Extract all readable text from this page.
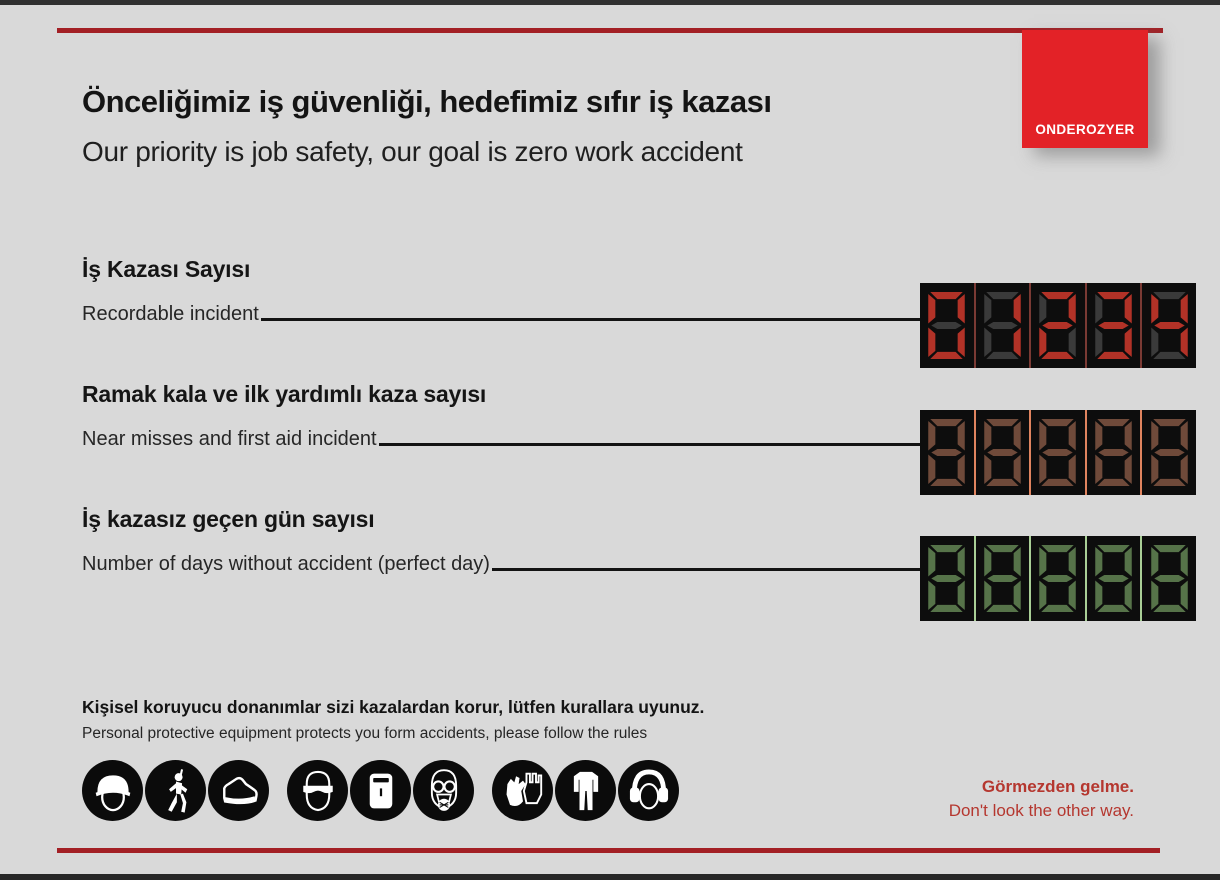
ONDEROZYER
Önceliğimiz iş güvenliği, hedefimiz sıfır iş kazası
Our priority is job safety, our goal is zero work accident
İş Kazası Sayısı
Recordable incident
Ramak kala ve ilk yardımlı kaza sayısı
Near misses and first aid incident
İş kazasız geçen gün sayısı
Number of days without accident (perfect day)
Kişisel koruyucu donanımlar sizi kazalardan korur, lütfen kurallara uyunuz.
Personal protective equipment protects you form accidents, please follow the rules
Görmezden gelme.
Don't look the other way.
